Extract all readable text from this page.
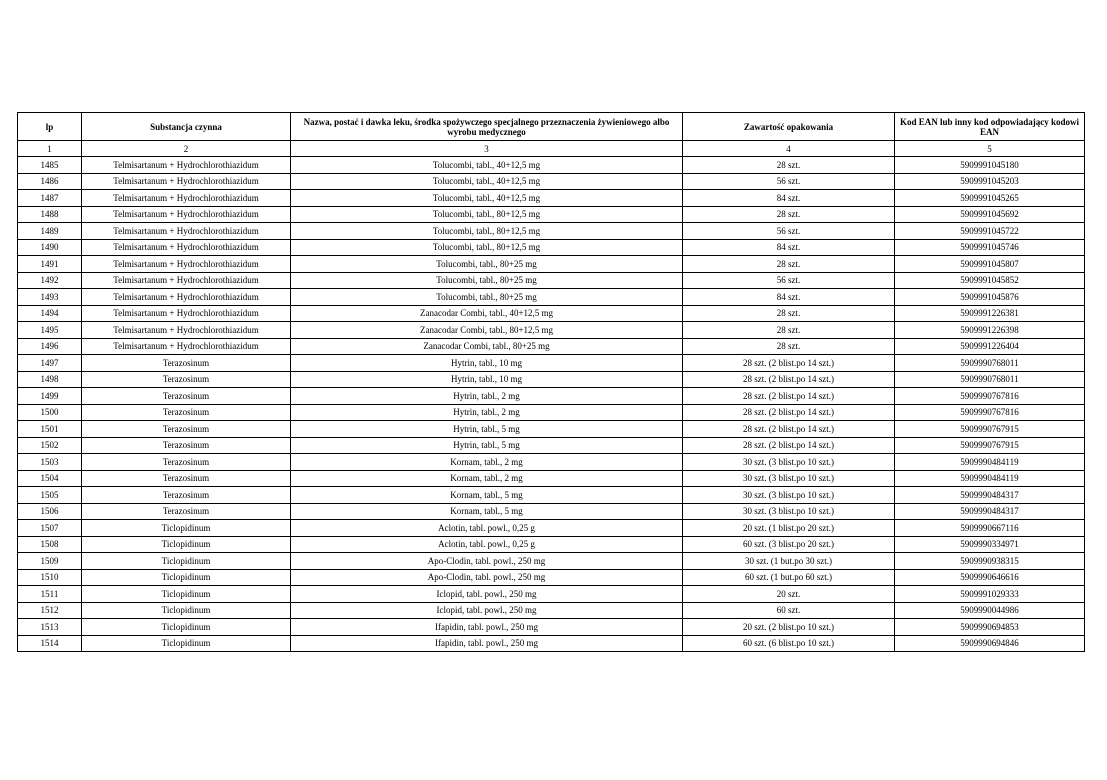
lp	Substancja czynna	Nazwa, postać i dawka leku, środka spożywczego specjalnego przeznaczenia żywieniowego albo wyrobu medycznego	Zawartość opakowania	Kod EAN lub inny kod odpowiadający kodowi EAN
1	2	3	4	5
1485	Telmisartanum + Hydrochlorothiazidum	Tolucombi, tabl., 40+12,5 mg	28 szt.	5909991045180
1486	Telmisartanum + Hydrochlorothiazidum	Tolucombi, tabl., 40+12,5 mg	56 szt.	5909991045203
1487	Telmisartanum + Hydrochlorothiazidum	Tolucombi, tabl., 40+12,5 mg	84 szt.	5909991045265
1488	Telmisartanum + Hydrochlorothiazidum	Tolucombi, tabl., 80+12,5 mg	28 szt.	5909991045692
1489	Telmisartanum + Hydrochlorothiazidum	Tolucombi, tabl., 80+12,5 mg	56 szt.	5909991045722
1490	Telmisartanum + Hydrochlorothiazidum	Tolucombi, tabl., 80+12,5 mg	84 szt.	5909991045746
1491	Telmisartanum + Hydrochlorothiazidum	Tolucombi, tabl., 80+25 mg	28 szt.	5909991045807
1492	Telmisartanum + Hydrochlorothiazidum	Tolucombi, tabl., 80+25 mg	56 szt.	5909991045852
1493	Telmisartanum + Hydrochlorothiazidum	Tolucombi, tabl., 80+25 mg	84 szt.	5909991045876
1494	Telmisartanum + Hydrochlorothiazidum	Zanacodar Combi, tabl., 40+12,5 mg	28 szt.	5909991226381
1495	Telmisartanum + Hydrochlorothiazidum	Zanacodar Combi, tabl., 80+12,5 mg	28 szt.	5909991226398
1496	Telmisartanum + Hydrochlorothiazidum	Zanacodar Combi, tabl., 80+25 mg	28 szt.	5909991226404
1497	Terazosinum	Hytrin, tabl., 10 mg	28 szt. (2 blist.po 14 szt.)	5909990768011
1498	Terazosinum	Hytrin, tabl., 10 mg	28 szt. (2 blist.po 14 szt.)	5909990768011
1499	Terazosinum	Hytrin, tabl., 2 mg	28 szt. (2 blist.po 14 szt.)	5909990767816
1500	Terazosinum	Hytrin, tabl., 2 mg	28 szt. (2 blist.po 14 szt.)	5909990767816
1501	Terazosinum	Hytrin, tabl., 5 mg	28 szt. (2 blist.po 14 szt.)	5909990767915
1502	Terazosinum	Hytrin, tabl., 5 mg	28 szt. (2 blist.po 14 szt.)	5909990767915
1503	Terazosinum	Kornam, tabl., 2 mg	30 szt. (3 blist.po 10 szt.)	5909990484119
1504	Terazosinum	Kornam, tabl., 2 mg	30 szt. (3 blist.po 10 szt.)	5909990484119
1505	Terazosinum	Kornam, tabl., 5 mg	30 szt. (3 blist.po 10 szt.)	5909990484317
1506	Terazosinum	Kornam, tabl., 5 mg	30 szt. (3 blist.po 10 szt.)	5909990484317
1507	Ticlopidinum	Aclotin, tabl. powl., 0,25 g	20 szt. (1 blist.po 20 szt.)	5909990667116
1508	Ticlopidinum	Aclotin, tabl. powl., 0,25 g	60 szt. (3 blist.po 20 szt.)	5909990334971
1509	Ticlopidinum	Apo-Clodin, tabl. powl., 250 mg	30 szt. (1 but.po 30 szt.)	5909990938315
1510	Ticlopidinum	Apo-Clodin, tabl. powl., 250 mg	60 szt. (1 but.po 60 szt.)	5909990646616
1511	Ticlopidinum	Iclopid, tabl. powl., 250 mg	20 szt.	5909991029333
1512	Ticlopidinum	Iclopid, tabl. powl., 250 mg	60 szt.	5909990044986
1513	Ticlopidinum	Ifapidin, tabl. powl., 250 mg	20 szt. (2 blist.po 10 szt.)	5909990694853
1514	Ticlopidinum	Ifapidin, tabl. powl., 250 mg	60 szt. (6 blist.po 10 szt.)	5909990694846
